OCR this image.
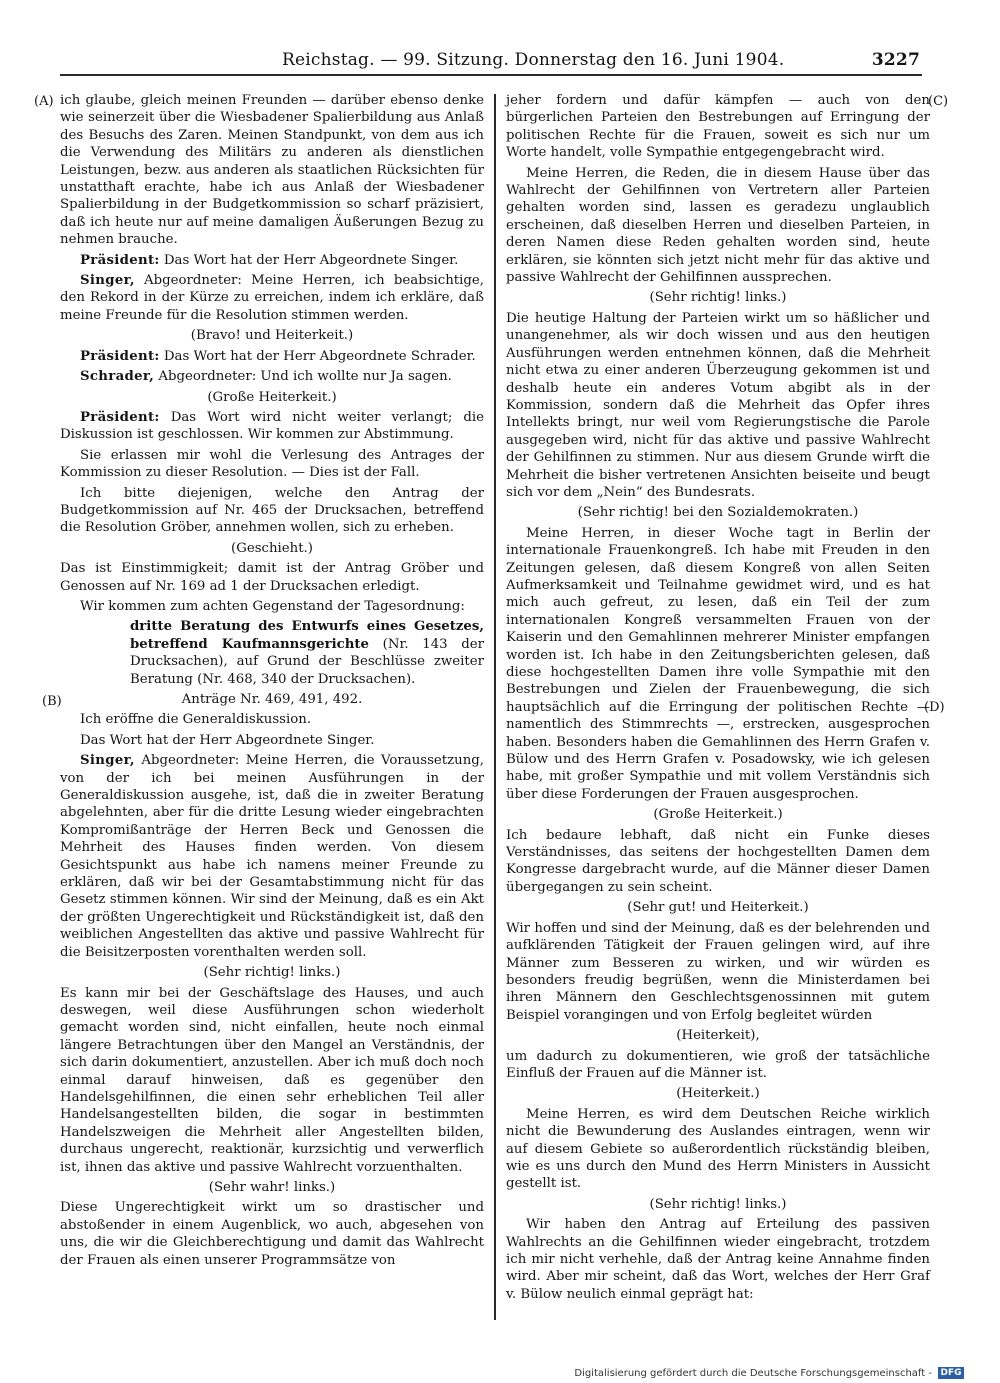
Reichstag. — 99. Sitzung. Donnerstag den 16. Juni 1904.	3227
(A)
(B)
(C)
(D)

ich glaube, gleich meinen Freunden — darüber ebenso denke wie seinerzeit über die Wiesbadener Spalierbildung aus Anlaß des Besuchs des Zaren. Meinen Standpunkt, von dem aus ich die Verwendung des Militärs zu anderen als dienstlichen Leistungen, bezw. aus anderen als staatlichen Rücksichten für unstatthaft erachte, habe ich aus Anlaß der Wiesbadener Spalierbildung in der Budgetkommission so scharf präzisiert, daß ich heute nur auf meine damaligen Äußerungen Bezug zu nehmen brauche.

Präsident: Das Wort hat der Herr Abgeordnete Singer.

Singer, Abgeordneter: Meine Herren, ich beabsichtige, den Rekord in der Kürze zu erreichen, indem ich erkläre, daß meine Freunde für die Resolution stimmen werden.

(Bravo! und Heiterkeit.)

Präsident: Das Wort hat der Herr Abgeordnete Schrader.

Schrader, Abgeordneter: Und ich wollte nur Ja sagen.

(Große Heiterkeit.)

Präsident: Das Wort wird nicht weiter verlangt; die Diskussion ist geschlossen. Wir kommen zur Abstimmung.

Sie erlassen mir wohl die Verlesung des Antrages der Kommission zu dieser Resolution. — Dies ist der Fall.

Ich bitte diejenigen, welche den Antrag der Budgetkommission auf Nr. 465 der Drucksachen, betreffend die Resolution Gröber, annehmen wollen, sich zu erheben.

(Geschieht.)

Das ist Einstimmigkeit; damit ist der Antrag Gröber und Genossen auf Nr. 169 ad 1 der Drucksachen erledigt.

Wir kommen zum achten Gegenstand der Tagesordnung:

dritte Beratung des Entwurfs eines Gesetzes, betreffend Kaufmannsgerichte (Nr. 143 der Drucksachen), auf Grund der Beschlüsse zweiter Beratung (Nr. 468, 340 der Drucksachen).

Anträge Nr. 469, 491, 492.

Ich eröffne die Generaldiskussion.

Das Wort hat der Herr Abgeordnete Singer.

Singer, Abgeordneter: Meine Herren, die Voraussetzung, von der ich bei meinen Ausführungen in der Generaldiskussion ausgehe, ist, daß die in zweiter Beratung abgelehnten, aber für die dritte Lesung wieder eingebrachten Kompromißanträge der Herren Beck und Genossen die Mehrheit des Hauses finden werden. Von diesem Gesichtspunkt aus habe ich namens meiner Freunde zu erklären, daß wir bei der Gesamtabstimmung nicht für das Gesetz stimmen können. Wir sind der Meinung, daß es ein Akt der größten Ungerechtigkeit und Rückständigkeit ist, daß den weiblichen Angestellten das aktive und passive Wahlrecht für die Beisitzerposten vorenthalten werden soll.

(Sehr richtig! links.)

Es kann mir bei der Geschäftslage des Hauses, und auch deswegen, weil diese Ausführungen schon wiederholt gemacht worden sind, nicht einfallen, heute noch einmal längere Betrachtungen über den Mangel an Verständnis, der sich darin dokumentiert, anzustellen. Aber ich muß doch noch einmal darauf hinweisen, daß es gegenüber den Handelsgehilfinnen, die einen sehr erheblichen Teil aller Handelsangestellten bilden, die sogar in bestimmten Handelszweigen die Mehrheit aller Angestellten bilden, durchaus ungerecht, reaktionär, kurzsichtig und verwerflich ist, ihnen das aktive und passive Wahlrecht vorzuenthalten.

(Sehr wahr! links.)

Diese Ungerechtigkeit wirkt um so drastischer und abstoßender in einem Augenblick, wo auch, abgesehen von uns, die wir die Gleichberechtigung und damit das Wahlrecht der Frauen als einen unserer Programmsätze von

jeher fordern und dafür kämpfen — auch von den bürgerlichen Parteien den Bestrebungen auf Erringung der politischen Rechte für die Frauen, soweit es sich nur um Worte handelt, volle Sympathie entgegengebracht wird.

Meine Herren, die Reden, die in diesem Hause über das Wahlrecht der Gehilfinnen von Vertretern aller Parteien gehalten worden sind, lassen es geradezu unglaublich erscheinen, daß dieselben Herren und dieselben Parteien, in deren Namen diese Reden gehalten worden sind, heute erklären, sie könnten sich jetzt nicht mehr für das aktive und passive Wahlrecht der Gehilfinnen aussprechen.

(Sehr richtig! links.)

Die heutige Haltung der Parteien wirkt um so häßlicher und unangenehmer, als wir doch wissen und aus den heutigen Ausführungen werden entnehmen können, daß die Mehrheit nicht etwa zu einer anderen Überzeugung gekommen ist und deshalb heute ein anderes Votum abgibt als in der Kommission, sondern daß die Mehrheit das Opfer ihres Intellekts bringt, nur weil vom Regierungstische die Parole ausgegeben wird, nicht für das aktive und passive Wahlrecht der Gehilfinnen zu stimmen. Nur aus diesem Grunde wirft die Mehrheit die bisher vertretenen Ansichten beiseite und beugt sich vor dem „Nein“ des Bundesrats.

(Sehr richtig! bei den Sozialdemokraten.)

Meine Herren, in dieser Woche tagt in Berlin der internationale Frauenkongreß. Ich habe mit Freuden in den Zeitungen gelesen, daß diesem Kongreß von allen Seiten Aufmerksamkeit und Teilnahme gewidmet wird, und es hat mich auch gefreut, zu lesen, daß ein Teil der zum internationalen Kongreß versammelten Frauen von der Kaiserin und den Gemahlinnen mehrerer Minister empfangen worden ist. Ich habe in den Zeitungsberichten gelesen, daß diese hochgestellten Damen ihre volle Sympathie mit den Bestrebungen und Zielen der Frauenbewegung, die sich hauptsächlich auf die Erringung der politischen Rechte — namentlich des Stimmrechts —, erstrecken, ausgesprochen haben. Besonders haben die Gemahlinnen des Herrn Grafen v. Bülow und des Herrn Grafen v. Posadowsky, wie ich gelesen habe, mit großer Sympathie und mit vollem Verständnis sich über diese Forderungen der Frauen ausgesprochen.

(Große Heiterkeit.)

Ich bedaure lebhaft, daß nicht ein Funke dieses Verständnisses, das seitens der hochgestellten Damen dem Kongresse dargebracht wurde, auf die Männer dieser Damen übergegangen zu sein scheint.

(Sehr gut! und Heiterkeit.)

Wir hoffen und sind der Meinung, daß es der belehrenden und aufklärenden Tätigkeit der Frauen gelingen wird, auf ihre Männer zum Besseren zu wirken, und wir würden es besonders freudig begrüßen, wenn die Ministerdamen bei ihren Männern den Geschlechtsgenossinnen mit gutem Beispiel vorangingen und von Erfolg begleitet würden

(Heiterkeit),

um dadurch zu dokumentieren, wie groß der tatsächliche Einfluß der Frauen auf die Männer ist.

(Heiterkeit.)

Meine Herren, es wird dem Deutschen Reiche wirklich nicht die Bewunderung des Auslandes eintragen, wenn wir auf diesem Gebiete so außerordentlich rückständig bleiben, wie es uns durch den Mund des Herrn Ministers in Aussicht gestellt ist.

(Sehr richtig! links.)

Wir haben den Antrag auf Erteilung des passiven Wahlrechts an die Gehilfinnen wieder eingebracht, trotzdem ich mir nicht verhehle, daß der Antrag keine Annahme finden wird. Aber mir scheint, daß das Wort, welches der Herr Graf v. Bülow neulich einmal geprägt hat:

Digitalisierung gefördert durch die Deutsche Forschungsgemeinschaft - DFG
